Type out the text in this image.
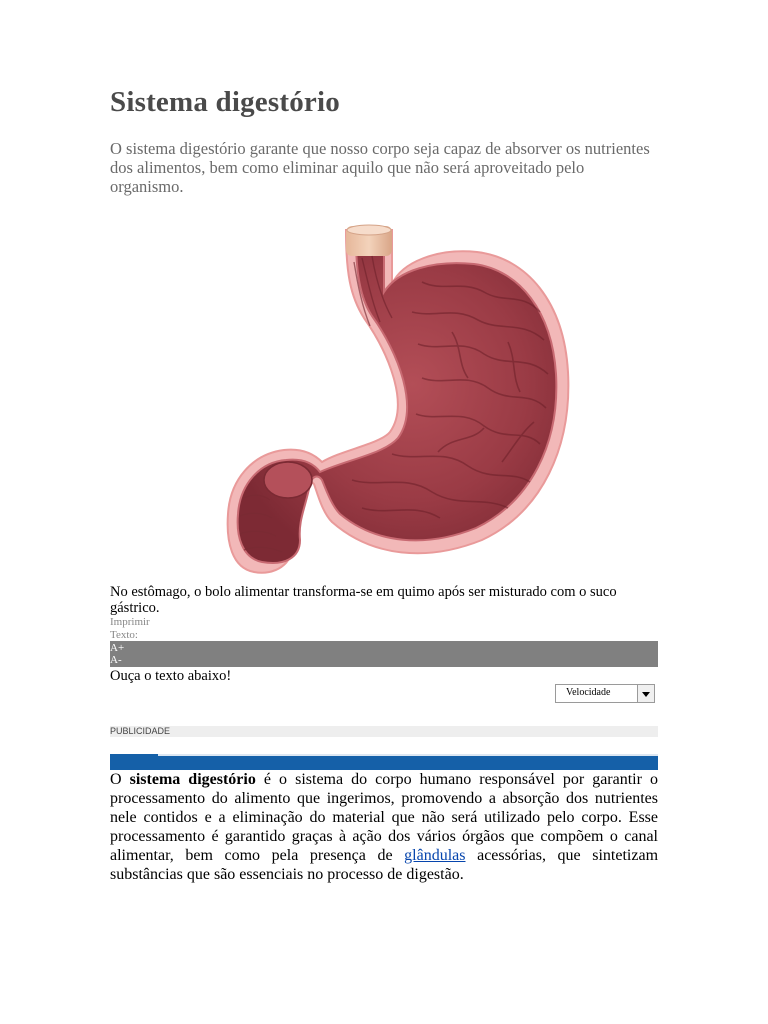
Sistema digestório

O sistema digestório garante que nosso corpo seja capaz de absorver os nutrientes dos alimentos, bem como eliminar aquilo que não será aproveitado pelo organismo.

No estômago, o bolo alimentar transforma-se em quimo após ser misturado com o suco gástrico.

Imprimir
Texto:
A+
A-
Ouça o texto abaixo!
Velocidade
PUBLICIDADE

O sistema digestório é o sistema do corpo humano responsável por garantir o processamento do alimento que ingerimos, promovendo a absorção dos nutrientes nele contidos e a eliminação do material que não será utilizado pelo corpo. Esse processamento é garantido graças à ação dos vários órgãos que compõem o canal alimentar, bem como pela presença de glândulas acessórias, que sintetizam substâncias que são essenciais no processo de digestão.
